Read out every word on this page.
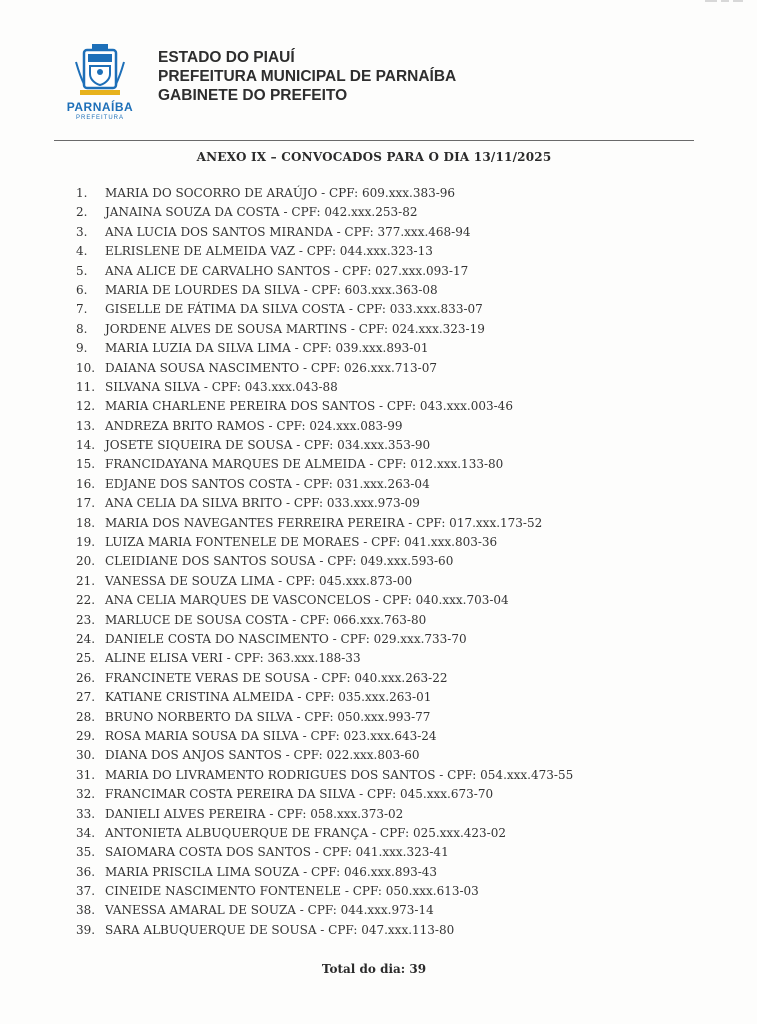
PARNAÍBA
PREFEITURA
ESTADO DO PIAUÍ
PREFEITURA MUNICIPAL DE PARNAÍBA
GABINETE DO PREFEITO
ANEXO IX – CONVOCADOS PARA O DIA 13/11/2025
1.	MARIA DO SOCORRO DE ARAÚJO - CPF: 609.xxx.383-96
2.	JANAINA SOUZA DA COSTA - CPF: 042.xxx.253-82
3.	ANA LUCIA DOS SANTOS MIRANDA - CPF: 377.xxx.468-94
4.	ELRISLENE DE ALMEIDA VAZ - CPF: 044.xxx.323-13
5.	ANA ALICE DE CARVALHO SANTOS - CPF: 027.xxx.093-17
6.	MARIA DE LOURDES DA SILVA - CPF: 603.xxx.363-08
7.	GISELLE DE FÁTIMA DA SILVA COSTA - CPF: 033.xxx.833-07
8.	JORDENE ALVES DE SOUSA MARTINS - CPF: 024.xxx.323-19
9.	MARIA LUZIA DA SILVA LIMA - CPF: 039.xxx.893-01
10. DAIANA SOUSA NASCIMENTO - CPF: 026.xxx.713-07
11. SILVANA SILVA - CPF: 043.xxx.043-88
12. MARIA CHARLENE PEREIRA DOS SANTOS - CPF: 043.xxx.003-46
13. ANDREZA BRITO RAMOS - CPF: 024.xxx.083-99
14. JOSETE SIQUEIRA DE SOUSA - CPF: 034.xxx.353-90
15. FRANCIDAYANA MARQUES DE ALMEIDA - CPF: 012.xxx.133-80
16. EDJANE DOS SANTOS COSTA - CPF: 031.xxx.263-04
17. ANA CELIA DA SILVA BRITO - CPF: 033.xxx.973-09
18. MARIA DOS NAVEGANTES FERREIRA PEREIRA - CPF: 017.xxx.173-52
19. LUIZA MARIA FONTENELE DE MORAES - CPF: 041.xxx.803-36
20. CLEIDIANE DOS SANTOS SOUSA - CPF: 049.xxx.593-60
21. VANESSA DE SOUZA LIMA - CPF: 045.xxx.873-00
22. ANA CELIA MARQUES DE VASCONCELOS - CPF: 040.xxx.703-04
23. MARLUCE DE SOUSA COSTA - CPF: 066.xxx.763-80
24. DANIELE COSTA DO NASCIMENTO - CPF: 029.xxx.733-70
25. ALINE ELISA VERI - CPF: 363.xxx.188-33
26. FRANCINETE VERAS DE SOUSA - CPF: 040.xxx.263-22
27. KATIANE CRISTINA ALMEIDA - CPF: 035.xxx.263-01
28. BRUNO NORBERTO DA SILVA - CPF: 050.xxx.993-77
29. ROSA MARIA SOUSA DA SILVA - CPF: 023.xxx.643-24
30. DIANA DOS ANJOS SANTOS - CPF: 022.xxx.803-60
31. MARIA DO LIVRAMENTO RODRIGUES DOS SANTOS - CPF: 054.xxx.473-55
32. FRANCIMAR COSTA PEREIRA DA SILVA - CPF: 045.xxx.673-70
33. DANIELI ALVES PEREIRA - CPF: 058.xxx.373-02
34. ANTONIETA ALBUQUERQUE DE FRANÇA - CPF: 025.xxx.423-02
35. SAIOMARA COSTA DOS SANTOS - CPF: 041.xxx.323-41
36. MARIA PRISCILA LIMA SOUZA - CPF: 046.xxx.893-43
37. CINEIDE NASCIMENTO FONTENELE - CPF: 050.xxx.613-03
38. VANESSA AMARAL DE SOUZA - CPF: 044.xxx.973-14
39. SARA ALBUQUERQUE DE SOUSA - CPF: 047.xxx.113-80
Total do dia: 39
